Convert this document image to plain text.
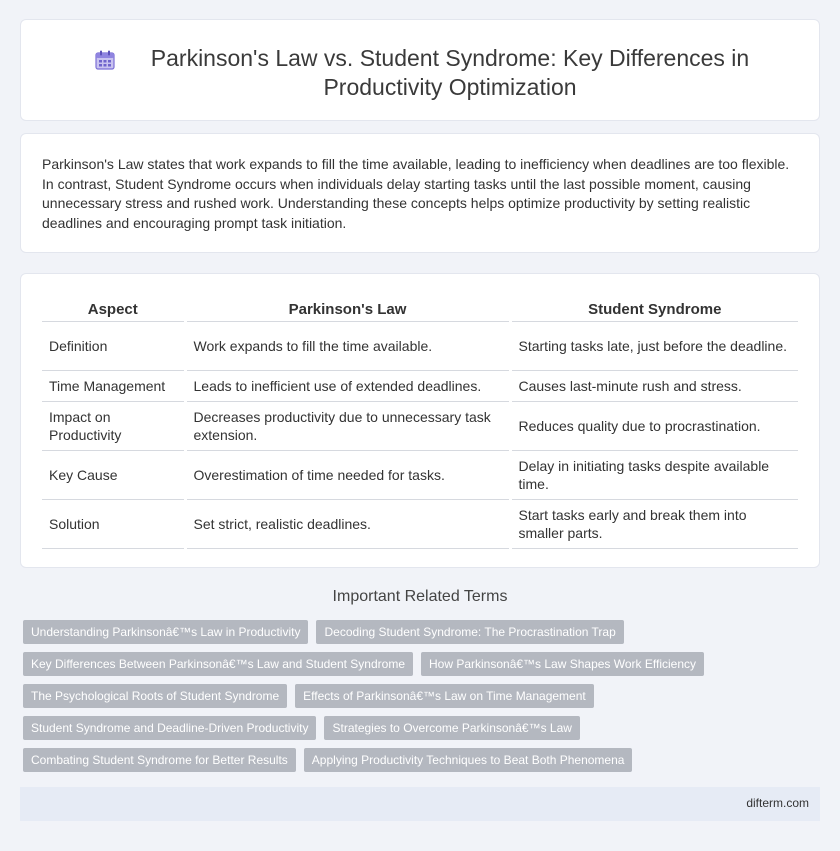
Parkinson's Law vs. Student Syndrome: Key Differences in Productivity Optimization

Parkinson's Law states that work expands to fill the time available, leading to inefficiency when deadlines are too flexible. In contrast, Student Syndrome occurs when individuals delay starting tasks until the last possible moment, causing unnecessary stress and rushed work. Understanding these concepts helps optimize productivity by setting realistic deadlines and encouraging prompt task initiation.

Aspect	Parkinson's Law	Student Syndrome
Definition	Work expands to fill the time available.	Starting tasks late, just before the deadline.
Time Management	Leads to inefficient use of extended deadlines.	Causes last-minute rush and stress.
Impact on Productivity	Decreases productivity due to unnecessary task extension.	Reduces quality due to procrastination.
Key Cause	Overestimation of time needed for tasks.	Delay in initiating tasks despite available time.
Solution	Set strict, realistic deadlines.	Start tasks early and break them into smaller parts.
Important Related Terms
Understanding Parkinsonâ€™s Law in Productivity	Decoding Student Syndrome: The Procrastination Trap
Key Differences Between Parkinsonâ€™s Law and Student Syndrome	How Parkinsonâ€™s Law Shapes Work Efficiency
The Psychological Roots of Student Syndrome	Effects of Parkinsonâ€™s Law on Time Management
Student Syndrome and Deadline-Driven Productivity	Strategies to Overcome Parkinsonâ€™s Law
Combating Student Syndrome for Better Results	Applying Productivity Techniques to Beat Both Phenomena
difterm.com
